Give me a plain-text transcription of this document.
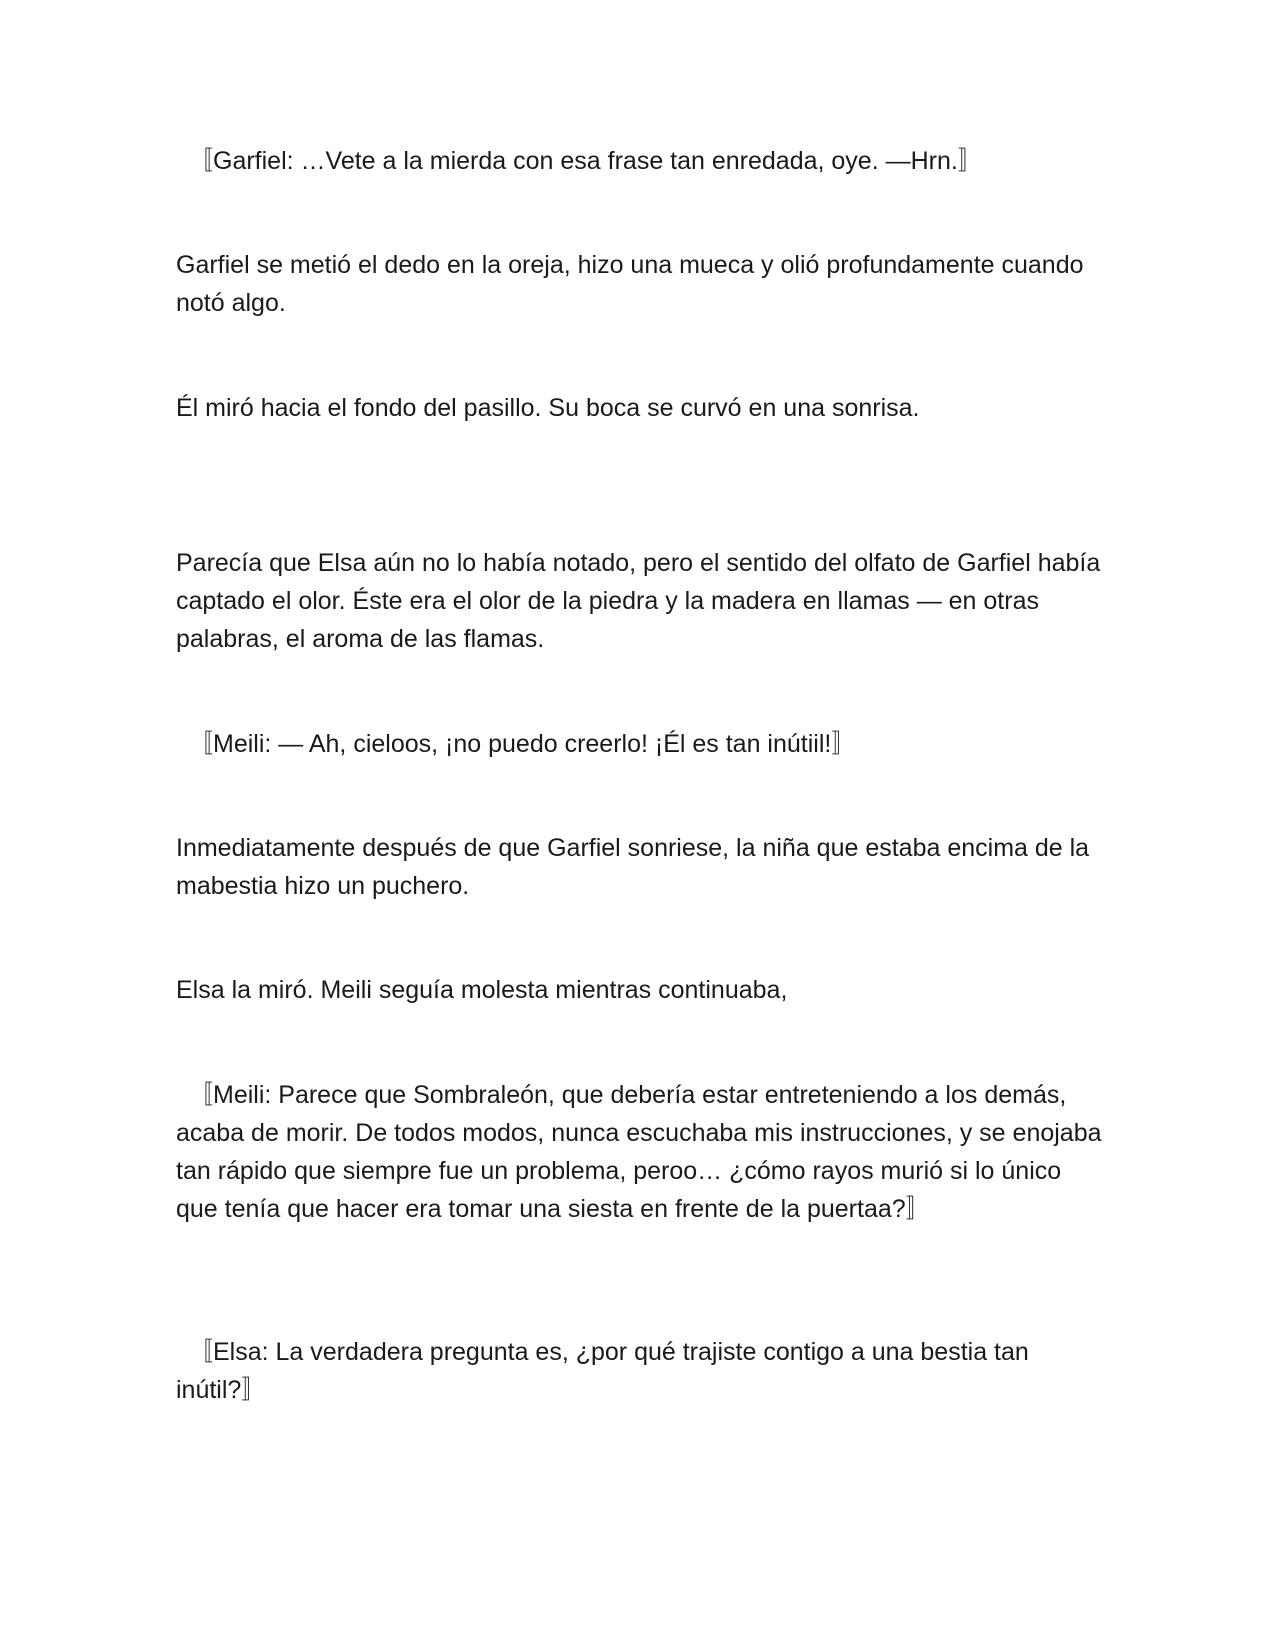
〚Garfiel: …Vete a la mierda con esa frase tan enredada, oye. —Hrn.〛

Garfiel se metió el dedo en la oreja, hizo una mueca y olió profundamente cuando notó algo.

Él miró hacia el fondo del pasillo. Su boca se curvó en una sonrisa.

Parecía que Elsa aún no lo había notado, pero el sentido del olfato de Garfiel había captado el olor. Éste era el olor de la piedra y la madera en llamas — en otras palabras, el aroma de las flamas.

〚Meili: — Ah, cieloos, ¡no puedo creerlo! ¡Él es tan inútiil!〛

Inmediatamente después de que Garfiel sonriese, la niña que estaba encima de la mabestia hizo un puchero.

Elsa la miró. Meili seguía molesta mientras continuaba,

〚Meili: Parece que Sombraleón, que debería estar entreteniendo a los demás, acaba de morir. De todos modos, nunca escuchaba mis instrucciones, y se enojaba tan rápido que siempre fue un problema, peroo… ¿cómo rayos murió si lo único que tenía que hacer era tomar una siesta en frente de la puertaa?〛

〚Elsa: La verdadera pregunta es, ¿por qué trajiste contigo a una bestia tan inútil?〛
